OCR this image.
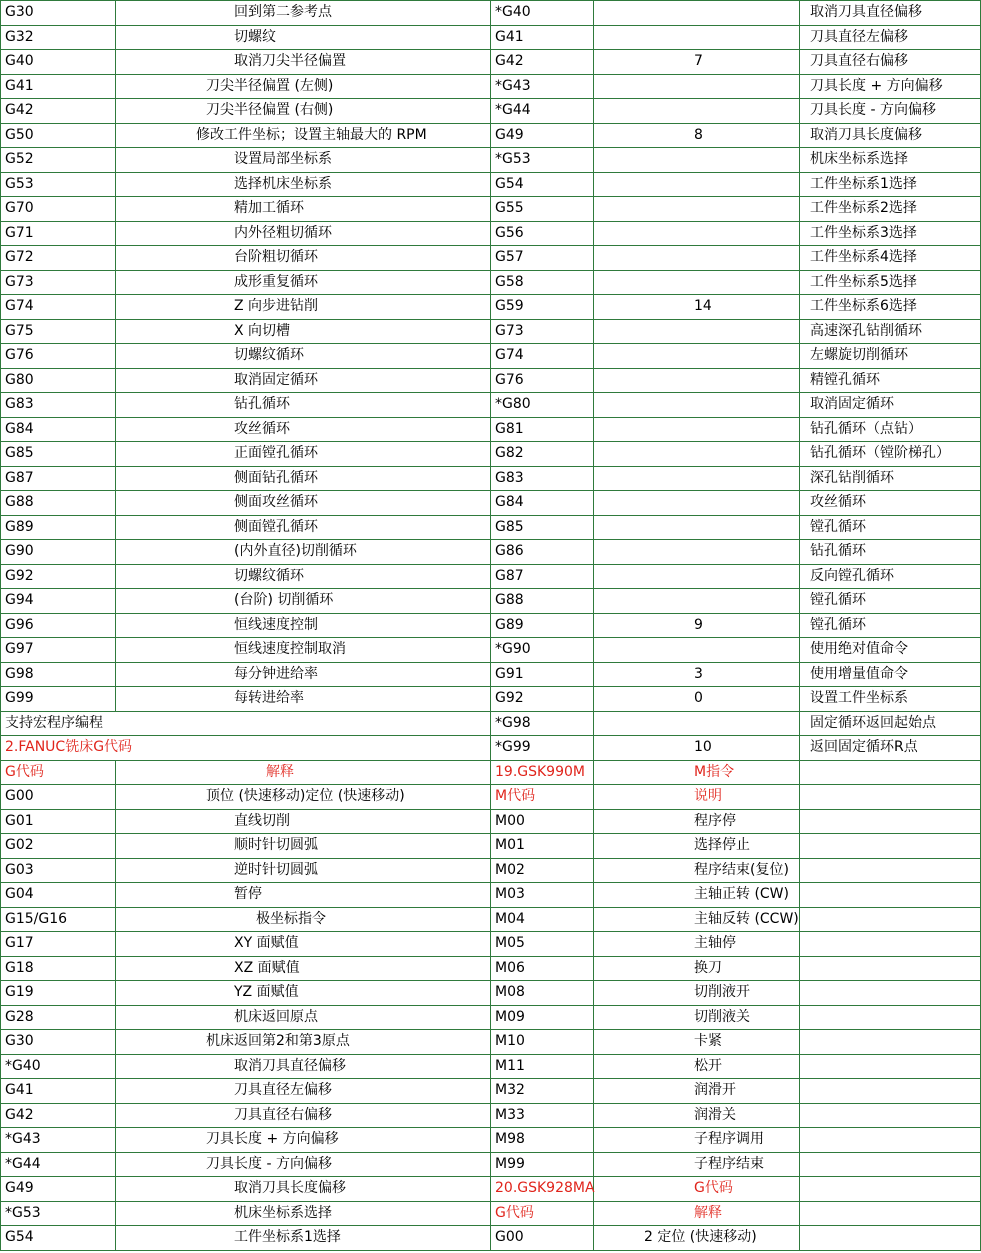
G30	回到第二参考点	*G40		取消刀具直径偏移
G32	切螺纹	G41		刀具直径左偏移
G40	取消刀尖半径偏置	G42	7	刀具直径右偏移
G41	刀尖半径偏置 (左侧)	*G43		刀具长度 + 方向偏移
G42	刀尖半径偏置 (右侧)	*G44		刀具长度 - 方向偏移
G50	修改工件坐标；设置主轴最大的 RPM	G49	8	取消刀具长度偏移
G52	设置局部坐标系	*G53		机床坐标系选择
G53	选择机床坐标系	G54		工件坐标系1选择
G70	精加工循环	G55		工件坐标系2选择
G71	内外径粗切循环	G56		工件坐标系3选择
G72	台阶粗切循环	G57		工件坐标系4选择
G73	成形重复循环	G58		工件坐标系5选择
G74	Z 向步进钻削	G59	14	工件坐标系6选择
G75	X 向切槽	G73		高速深孔钻削循环
G76	切螺纹循环	G74		左螺旋切削循环
G80	取消固定循环	G76		精镗孔循环
G83	钻孔循环	*G80		取消固定循环
G84	攻丝循环	G81		钻孔循环（点钻）
G85	正面镗孔循环	G82		钻孔循环（镗阶梯孔）
G87	侧面钻孔循环	G83		深孔钻削循环
G88	侧面攻丝循环	G84		攻丝循环
G89	侧面镗孔循环	G85		镗孔循环
G90	(内外直径)切削循环	G86		钻孔循环
G92	切螺纹循环	G87		反向镗孔循环
G94	(台阶) 切削循环	G88		镗孔循环
G96	恒线速度控制	G89	9	镗孔循环
G97	恒线速度控制取消	*G90		使用绝对值命令
G98	每分钟进给率	G91	3	使用增量值命令
G99	每转进给率	G92	0	设置工件坐标系
支持宏程序编程		*G98		固定循环返回起始点
2.FANUC铣床G代码		*G99	10	返回固定循环R点
G代码	解释	19.GSK990M	M指令	
G00	顶位 (快速移动)定位 (快速移动)	M代码	说明	
G01	直线切削	M00	程序停	
G02	顺时针切圆弧	M01	选择停止	
G03	逆时针切圆弧	M02	程序结束(复位)	
G04	暂停	M03	主轴正转 (CW)	
G15/G16	极坐标指令	M04	主轴反转 (CCW)	
G17	XY 面赋值	M05	主轴停	
G18	XZ 面赋值	M06	换刀	
G19	YZ 面赋值	M08	切削液开	
G28	机床返回原点	M09	切削液关	
G30	机床返回第2和第3原点	M10	卡紧	
*G40	取消刀具直径偏移	M11	松开	
G41	刀具直径左偏移	M32	润滑开	
G42	刀具直径右偏移	M33	润滑关	
*G43	刀具长度 + 方向偏移	M98	子程序调用	
*G44	刀具长度 - 方向偏移	M99	子程序结束	
G49	取消刀具长度偏移	20.GSK928MA	G代码	
*G53	机床坐标系选择	G代码	解释	
G54	工件坐标系1选择	G00	2 定位 (快速移动)	
